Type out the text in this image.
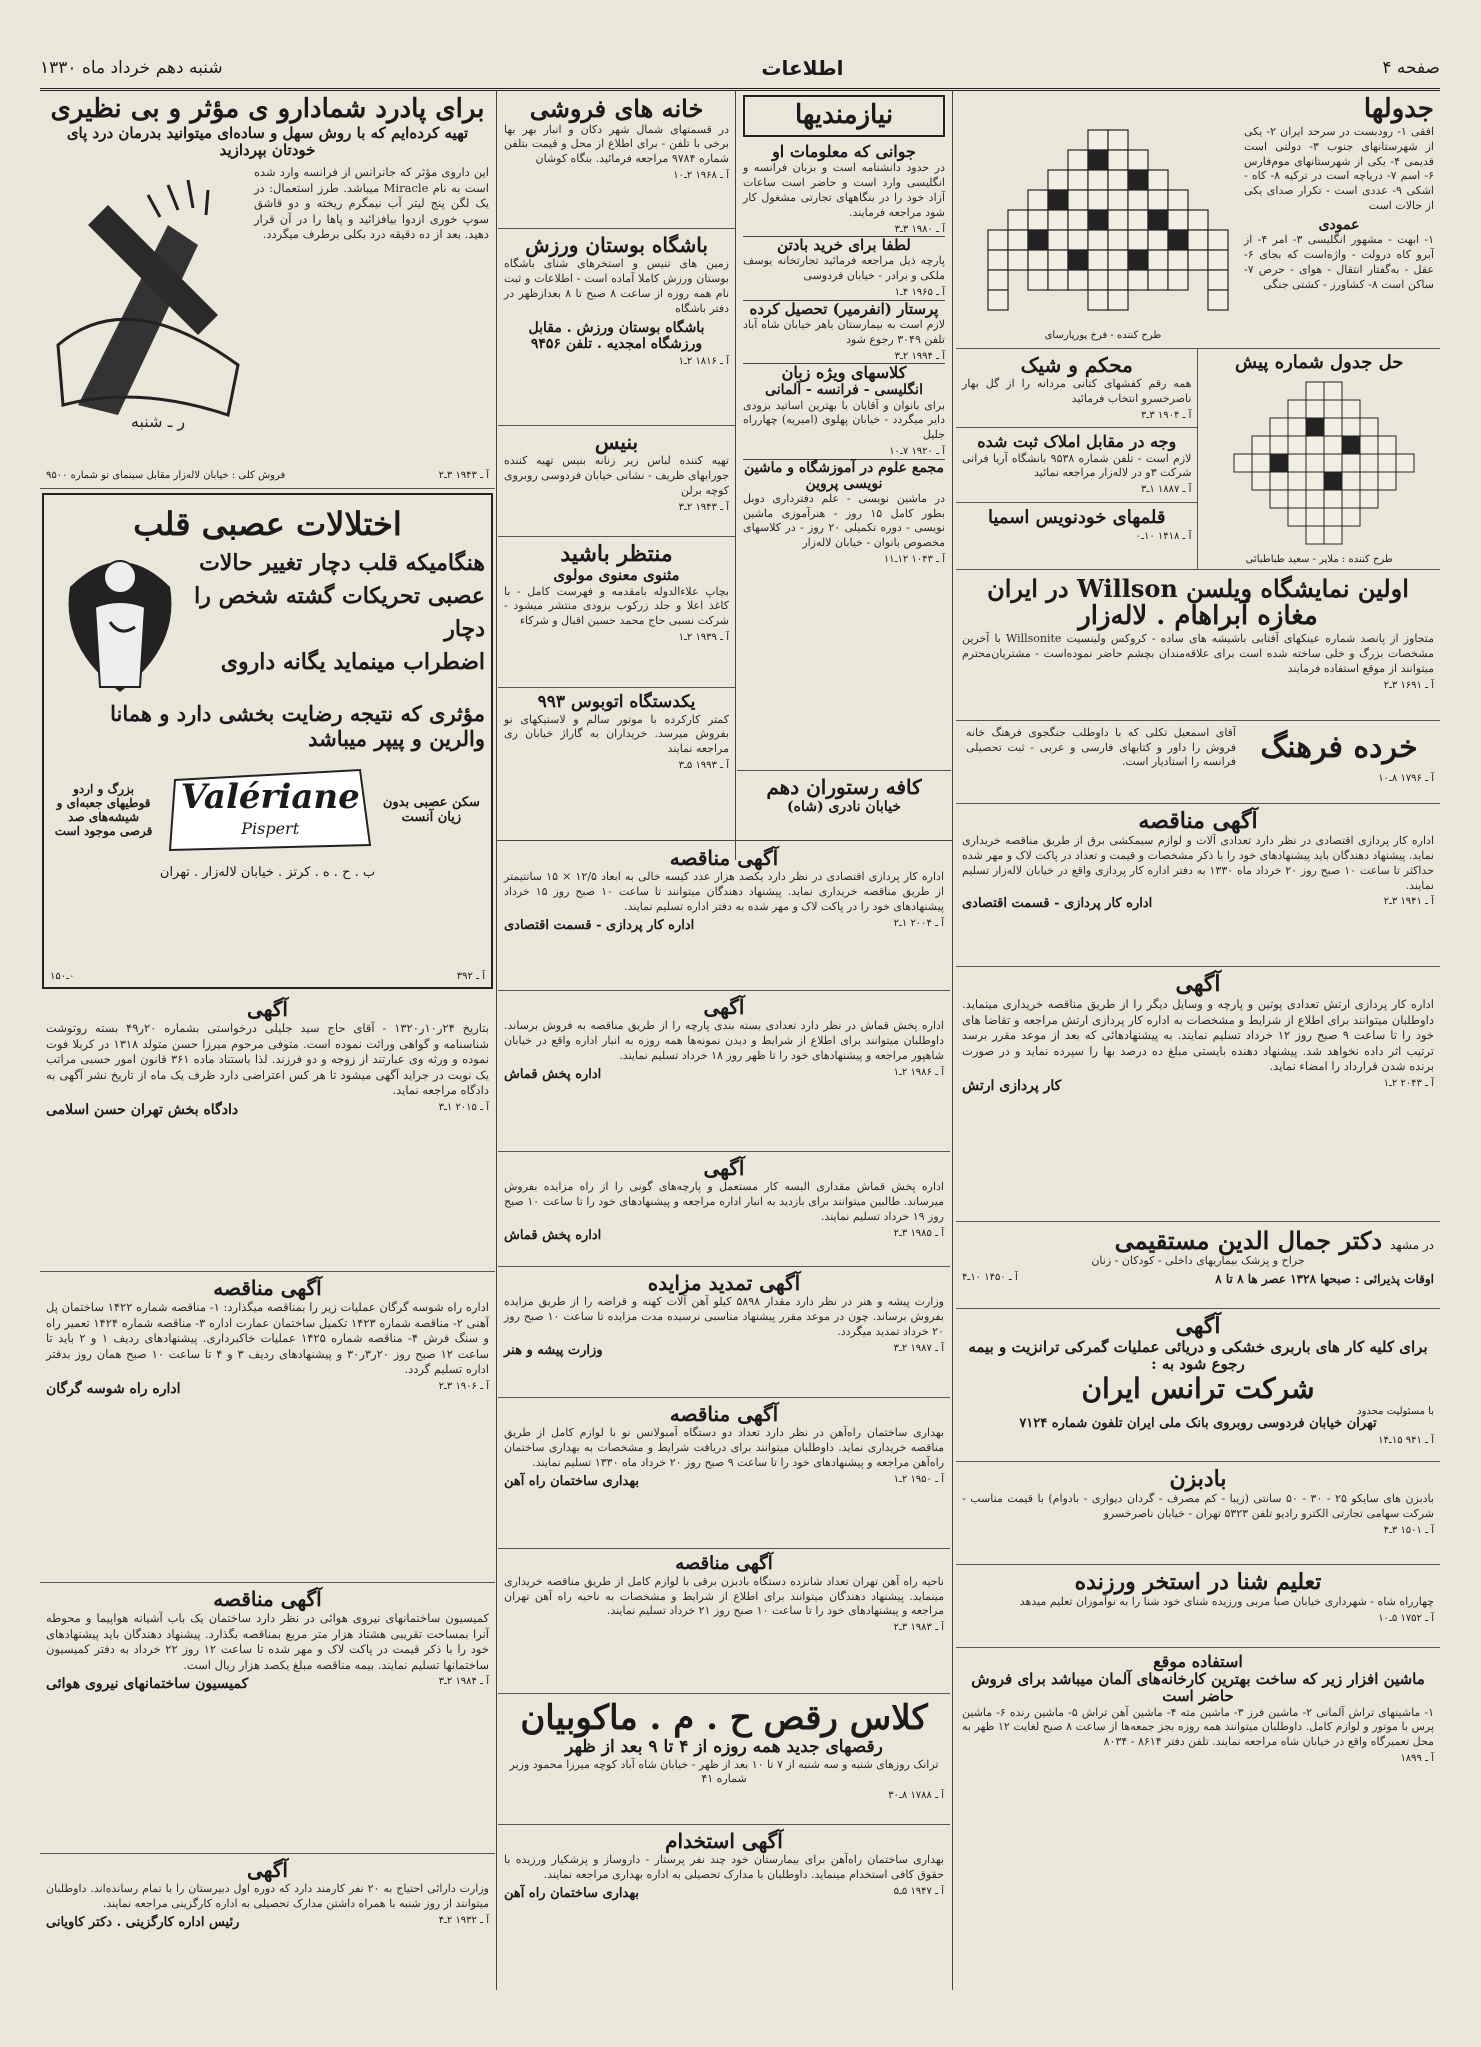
صفحه ۴
اطلاعات
شنبه دهم خرداد ماه ۱۳۳۰
جدولها
افقی ۱- رودبست در سرحد ایران ۲- یکی از شهرستانهای جنوب ۳- دولتی است قدیمی ۴- یکی از شهرستانهای موم‌فارس ۶- اسم ۷- دریاچه است در ترکیه ۸- کاه - اشکی ۹- عددی است - تکرار صدای یکی از حالات است
عمودی
۱- ابهت - مشهور انگلیسی ۳- امر ۴- از آبرو کاه درولت - واژه‌است که بجای ۶- عقل - به‌گفتار انتقال - هوای - حرص ۷- ساکن است ۸- کشاورز - کشتی جنگی
طرح کننده - فرخ پورپارسای
حل جدول شماره پیش
طرح کننده : ملاپر - سعید طباطبائی
محکم و شیک
همه رقم کفشهای کتانی مردانه را از گل بهار ناصرخسرو انتخاب فرمائید
آ ـ ۱۹۰۴ ۳ـ۳
وجه در مقابل املاک ثبت شده
لازم است - تلفن شماره ۹۵۳۸ بانشگاه آریا فرانی شرکت ۳و در لاله‌زار مراجعه نمائید
آ ـ ۱۸۸۷ ۱ـ۳
قلمهای خودنویس اسمیا
آ ـ ۱۴۱۸ ۱۰ـ۰
اولین نمایشگاه ویلسن Willson در ایران
مغازه آبراهام . لاله‌زار
متجاوز از پانصد شماره عینکهای آفتابی باشیشه های ساده - کروکس ولینسیت Willsonite با آخرین مشخصات بزرگ و خلی ساخته شده است برای علاقه‌مندان بچشم حاضر نموده‌است - مشتریان‌محترم میتوانند از موقع استفاده فرمایند
آ ـ ۱۶۹۱ ۳ـ۲
خرده فرهنگ
آقای اسمعیل تکلی که با داوطلب جنگجوی فرهنگ خانه فروش را داور و کتابهای فارسی و عربی - ثبت تحصیلی فرانسه را استادیار است.
آ ـ ۱۷۹۶ ۸ـ۱۰
آگهی مناقصه
اداره کار پردازی اقتصادی در نظر دارد تعدادی آلات و لوازم سیمکشی برق از طریق مناقصه خریداری نماید. پیشنهاد دهندگان باید پیشنهادهای خود را با ذکر مشخصات و قیمت و تعداد در پاکت لاک و مهر شده حداکثر تا ساعت ۱۰ صبح روز ۲۰ خرداد ماه ۱۳۳۰ به دفتر اداره کار پردازی واقع در خیابان لاله‌زار تسلیم نمایند.
آ ـ ۱۹۴۱ ۳ـ۲
اداره کار پردازی - قسمت اقتصادی
آگهی
اداره کار پردازی ارتش تعدادی پوتین و پارچه و وسایل دیگر را از طریق مناقصه خریداری مینماید. داوطلبان میتوانند برای اطلاع از شرایط و مشخصات به اداره کار پردازی ارتش مراجعه و تقاضا های خود را تا ساعت ۹ صبح روز ۱۲ خرداد تسلیم نمایند. به پیشنهادهائی که بعد از موعد مقرر برسد ترتیب اثر داده نخواهد شد. پیشنهاد دهنده بایستی مبلغ ده درصد بها را سپرده نماید و در صورت برنده شدن قرارداد را امضاء نماید.
آ ـ ۲۰۴۳ ۲ـ۱
کار پردازی ارتش
در مشهد
دکتر جمال الدین مستقیمی
جراح و پزشک بیماریهای داخلی - کودکان - زنان
اوقات پذیرائی : صبحها ۱۳۲۸ عصر ها ۸ تا ۸
آ ـ ۱۴۵۰ ۱۰ـ۴
آگهی
برای کلیه کار های باربری خشکی و دریائی عملیات گمرکی ترانزیت و بیمه رجوع شود به :
شرکت ترانس ایران
با مسئولیت محدود
تهران خیابان فردوسی روبروی بانک ملی ایران تلفون شماره ۷۱۲۴
آ ـ ۹۴۱ ۱۵ـ۱۴
بادبزن
بادبزن های سایکو ۲۵ - ۳۰ - ۵۰ سانتی (زیبا - کم مصرف - گردان دیواری - بادوام) با قیمت مناسب - شرکت سهامی تجارتی الکترو رادیو تلفن ۵۳۲۳ تهران - خیابان ناصرخسرو
آ ـ ۱۵۰۱ ۳ـ۴
تعلیم شنا در استخر ورزنده
چهارراه شاه - شهرداری خیابان صبا مربی ورزیده شنای خود شنا را به نوآموزان تعلیم میدهد
آ ـ ۱۷۵۲ ۵ـ۱۰
استفاده موقع
ماشین افزار زیر که ساخت بهترین کارخانه‌های آلمان میباشد برای فروش حاضر است
۱- ماشینهای تراش آلمانی ۲- ماشین فرز ۳- ماشین مته ۴- ماشین آهن تراش ۵- ماشین رنده ۶- ماشین پرس با موتور و لوازم کامل. داوطلبان میتوانند همه روزه بجز جمعه‌ها از ساعت ۸ صبح لغایت ۱۲ ظهر به محل تعمیرگاه واقع در خیابان شاه مراجعه نمایند. تلفن دفتر ۸۶۱۴ - ۸۰۳۴
آ ـ ۱۸۹۹
نیازمندیها
جوانی که معلومات او
در حدود دانشنامه است و بزبان فرانسه و انگلیسی وارد است و حاضر است ساعات آزاد خود را در بنگاههای تجارتی مشغول کار شود مراجعه فرمایند.
آ ـ ۱۹۸۰ ۳ـ۳
لطفا برای خرید بادتن
پارچه ذیل مراجعه فرمائید تجارتخانه یوسف ملکی و برادر - خیابان فردوسی
آ ـ ۱۹۶۵ ۴ـ۱
پرستار (انفرمیر) تحصیل کرده
لازم است به بیمارستان باهر خیابان شاه آباد تلفن ۳۰۴۹ رجوع شود
آ ـ ۱۹۹۴ ۲ـ۳
کلاسهای ویژه زبان
انگلیسی - فرانسه - آلمانی
برای بانوان و آقایان با بهترین اساتید بزودی دایر میگردد - خیابان پهلوی (امیریه) چهارراه جلیل
آ ـ ۱۹۲۰ ۷ـ۱۰
مجمع علوم در آموزشگاه و ماشین نویسی پروین
در ماشین نویسی - علم دفترداری دوبل بطور کامل ۱۵ روز - هنرآموزی ماشین نویسی - دوره تکمیلی ۲۰ روز - در کلاسهای مخصوص بانوان - خیابان لاله‌زار
آ ـ ۱۰۴۳ ۱۲ـ۱۱
کافه رستوران دهم
خیابان نادری (شاه)
خانه های فروشی
در قسمتهای شمال شهر دکان و انبار بهر بها برخی با تلفن - برای اطلاع از محل و قیمت بتلفن شماره ۹۷۸۴ مراجعه فرمائید. بنگاه کوشان
آ ـ ۱۹۶۸ ۲ـ۱۰
باشگاه بوستان ورزش
زمین های تنیس و استخرهای شنای باشگاه بوستان ورزش کاملا آماده است - اطلاعات و ثبت نام همه روزه از ساعت ۸ صبح تا ۸ بعدازظهر در دفتر باشگاه
باشگاه بوستان ورزش . مقابل ورزشگاه امجدیه . تلفن ۹۴۵۶
آ ـ ۱۸۱۶ ۲ـ۱
بنیس
تهیه کننده لباس زیر زنانه بنیس تهیه کننده جورابهای ظریف - نشانی خیابان فردوسی روبروی کوچه برلن
آ ـ ۱۹۴۳ ۲ـ۳
منتظر باشید
مثنوی معنوی مولوی
بچاپ علاءالدوله بامقدمه و فهرست کامل - با کاغذ اعلا و جلد زرکوب بزودی منتشر میشود - شرکت نسبی حاج محمد حسین اقبال و شرکاء
آ ـ ۱۹۳۹ ۲ـ۱
یکدستگاه اتوبوس ۹۹۳
کمتر کارکرده با موتور سالم و لاستیکهای نو بفروش میرسد. خریداران به گاراژ خیابان ری مراجعه نمایند
آ ـ ۱۹۹۳ ۵ـ۳
آگهی مناقصه
اداره کار پردازی اقتصادی در نظر دارد یکصد هزار عدد کیسه خالی به ابعاد ۱۲/۵ × ۱۵ سانتیمتر از طریق مناقصه خریداری نماید. پیشنهاد دهندگان میتوانند تا ساعت ۱۰ صبح روز ۱۵ خرداد پیشنهادهای خود را در پاکت لاک و مهر شده به دفتر اداره تسلیم نمایند.
آ ـ ۲۰۰۴ ۱ـ۲
اداره کار پردازی - قسمت اقتصادی
آگهی
اداره پخش قماش در نظر دارد تعدادی بسته بندی پارچه را از طریق مناقصه به فروش برساند. داوطلبان میتوانند برای اطلاع از شرایط و دیدن نمونه‌ها همه روزه به انبار اداره واقع در خیابان شاهپور مراجعه و پیشنهادهای خود را تا ظهر روز ۱۸ خرداد تسلیم نمایند.
آ ـ ۱۹۸۶ ۲ـ۱
اداره پخش قماش
آگهی
اداره پخش قماش مقداری البسه کار مستعمل و پارچه‌های گونی را از راه مزایده بفروش میرساند. طالبین میتوانند برای بازدید به انبار اداره مراجعه و پیشنهادهای خود را تا ساعت ۱۰ صبح روز ۱۹ خرداد تسلیم نمایند.
آ ـ ۱۹۸۵ ۳ـ۲
اداره پخش قماش
آگهی تمدید مزایده
وزارت پیشه و هنر در نظر دارد مقدار ۵۸۹۸ کیلو آهن آلات کهنه و قراضه را از طریق مزایده بفروش برساند. چون در موعد مقرر پیشنهاد مناسبی نرسیده مدت مزایده تا ساعت ۱۰ صبح روز ۲۰ خرداد تمدید میگردد.
آ ـ ۱۹۸۷ ۲ـ۳
وزارت پیشه و هنر
آگهی مناقصه
بهداری ساختمان راه‌آهن در نظر دارد تعداد دو دستگاه آمبولانس نو با لوازم کامل از طریق مناقصه خریداری نماید. داوطلبان میتوانند برای دریافت شرایط و مشخصات به بهداری ساختمان راه‌آهن مراجعه و پیشنهادهای خود را تا ساعت ۹ صبح روز ۲۰ خرداد ماه ۱۳۳۰ تسلیم نمایند.
آ ـ ۱۹۵۰ ۲ـ۱
بهداری ساختمان راه آهن
آگهی مناقصه
ناحیه راه آهن تهران تعداد شانزده دستگاه بادبزن برقی با لوازم کامل از طریق مناقصه خریداری مینماید. پیشنهاد دهندگان میتوانند برای اطلاع از شرایط و مشخصات به ناحیه راه آهن تهران مراجعه و پیشنهادهای خود را تا ساعت ۱۰ صبح روز ۲۱ خرداد تسلیم نمایند.
آ ـ ۱۹۸۳ ۳ـ۲
کلاس رقص ح . م . ماکوبیان
رقصهای جدید همه روزه از ۴ تا ۹ بعد از ظهر
ترانک روزهای شنبه و سه شنبه از ۷ تا ۱۰ بعد از ظهر - خیابان شاه آباد کوچه میرزا محمود وزیر شماره ۴۱
آ ـ ۱۷۸۸ ۸ـ۳۰
آگهی استخدام
بهداری ساختمان راه‌آهن برای بیمارستان خود چند نفر پرستار - داروساز و پزشکیار ورزیده با حقوق کافی استخدام مینماید. داوطلبان با مدارک تحصیلی به اداره بهداری مراجعه نمایند.
آ ـ ۱۹۴۷ ۵ـ۵
بهداری ساختمان راه آهن
برای پادرد شمادارو ی مؤثر و بی نظیری
تهیه کرده‌ایم که با روش سهل و ساده‌ای میتوانید بدرمان درد پای خودتان بپردازید
این داروی مؤثر که جانرانس از فرانسه وارد شده است به نام Miracle میباشد. طرز استعمال: در یک لگن پنج لیتر آب نیمگرم ریخته و دو قاشق سوپ خوری ازدوا بیافزائید و پاها را در آن قرار دهید. بعد از ده دقیقه درد بکلی برطرف میگردد.
ر ـ شنبه
آ ـ ۱۹۴۳ ۳ـ۲
فروش کلی : خیابان لاله‌زار مقابل سینمای نو شماره ۹۵۰۰
اختلالات عصبی قلب
هنگامیکه قلب دچار تغییر حالات
عصبی تحریکات گشته شخص را دچار
اضطراب مینماید یگانه داروی
مؤثری که نتیجه رضایت بخشی دارد و همانا والرین و پیپر میباشد
سکن عصبی بدون زیان آنست
Valériane
Pispert
بزرگ و اردو قوطیهای جعبه‌ای و شیشه‌های صد قرصی موجود است
ب . ح . ه . کرتز . خیابان لاله‌زار . تهران
آ ـ ۳۹۲
۰ـ۱۵۰
آگهی
بتاریخ ۲۴ر۱۰ر۱۳۲۰ - آقای حاج سید جلیلی درخواستی بشماره ۲۰ر۴۹ بسته روتوشت شناسنامه و گواهی وراثت نموده است. متوفی مرحوم میرزا حسن متولد ۱۳۱۸ در کربلا فوت نموده و ورثه وی عبارتند از زوجه و دو فرزند. لذا باستناد ماده ۳۶۱ قانون امور حسبی مراتب یک نوبت در جراید آگهی میشود تا هر کس اعتراضی دارد ظرف یک ماه از تاریخ نشر آگهی به دادگاه مراجعه نماید.
آ ـ ۲۰۱۵ ۱ـ۳
دادگاه بخش تهران حسن اسلامی
آگهی مناقصه
اداره راه شوسه گرگان عملیات زیر را بمناقصه میگذارد: ۱- مناقصه شماره ۱۴۲۲ ساختمان پل آهنی ۲- مناقصه شماره ۱۴۲۳ تکمیل ساختمان عمارت اداره ۳- مناقصه شماره ۱۴۲۴ تعمیر راه و سنگ فرش ۴- مناقصه شماره ۱۴۲۵ عملیات خاکبرداری. پیشنهادهای ردیف ۱ و ۲ باید تا ساعت ۱۲ صبح روز ۲۰ر۳ر۳۰ و پیشنهادهای ردیف ۳ و ۴ تا ساعت ۱۰ صبح همان روز بدفتر اداره تسلیم گردد.
آ ـ ۱۹۰۶ ۳ـ۲
اداره راه شوسه گرگان
آگهی مناقصه
کمیسیون ساختمانهای نیروی هوائی در نظر دارد ساختمان یک باب آشیانه هواپیما و محوطه آنرا بمساحت تقریبی هشتاد هزار متر مربع بمناقصه بگذارد. پیشنهاد دهندگان باید پیشنهادهای خود را با ذکر قیمت در پاکت لاک و مهر شده تا ساعت ۱۲ روز ۲۲ خرداد به دفتر کمیسیون ساختمانها تسلیم نمایند. بیمه مناقصه مبلغ یکصد هزار ریال است.
آ ـ ۱۹۸۴ ۲ـ۳
کمیسیون ساختمانهای نیروی هوائی
آگهی
وزارت دارائی احتیاج به ۲۰ نفر کارمند دارد که دوره اول دبیرستان را با تمام رسانده‌اند. داوطلبان میتوانند از روز شنبه با همراه داشتن مدارک تحصیلی به اداره کارگزینی مراجعه نمایند.
آ ـ ۱۹۳۲ ۲ـ۴
رئیس اداره کارگزینی . دکتر کاویانی
